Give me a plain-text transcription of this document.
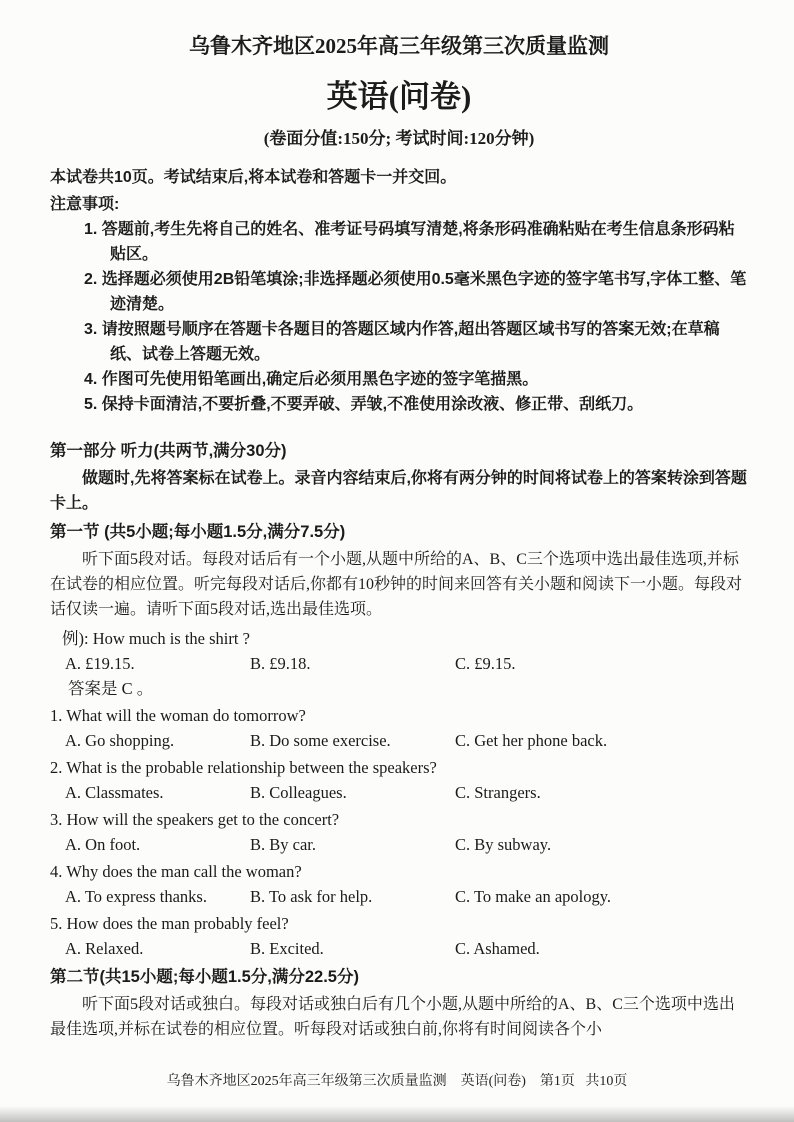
乌鲁木齐地区2025年高三年级第三次质量监测
英语(问卷)
(卷面分值:150分; 考试时间:120分钟)

本试卷共10页。考试结束后,将本试卷和答题卡一并交回。

注意事项:

1. 答题前,考生先将自己的姓名、准考证号码填写清楚,将条形码准确粘贴在考生信息条形码粘贴区。

2. 选择题必须使用2B铅笔填涂;非选择题必须使用0.5毫米黑色字迹的签字笔书写,字体工整、笔迹清楚。

3. 请按照题号顺序在答题卡各题目的答题区域内作答,超出答题区域书写的答案无效;在草稿纸、试卷上答题无效。

4. 作图可先使用铅笔画出,确定后必须用黑色字迹的签字笔描黑。

5. 保持卡面清洁,不要折叠,不要弄破、弄皱,不准使用涂改液、修正带、刮纸刀。

第一部分 听力(共两节,满分30分)

做题时,先将答案标在试卷上。录音内容结束后,你将有两分钟的时间将试卷上的答案转涂到答题卡上。

第一节 (共5小题;每小题1.5分,满分7.5分)

听下面5段对话。每段对话后有一个小题,从题中所给的A、B、C三个选项中选出最佳选项,并标在试卷的相应位置。听完每段对话后,你都有10秒钟的时间来回答有关小题和阅读下一小题。每段对话仅读一遍。请听下面5段对话,选出最佳选项。

例): How much is the shirt ?

A. £19.15.	B. £9.18.	C. £9.15.

答案是 C 。

1. What will the woman do tomorrow?

A. Go shopping.	B. Do some exercise.	C. Get her phone back.

2. What is the probable relationship between the speakers?

A. Classmates.	B. Colleagues.	C. Strangers.

3. How will the speakers get to the concert?

A. On foot.	B. By car.	C. By subway.

4. Why does the man call the woman?

A. To express thanks.	B. To ask for help.	C. To make an apology.

5. How does the man probably feel?

A. Relaxed.	B. Excited.	C. Ashamed.

第二节(共15小题;每小题1.5分,满分22.5分)

听下面5段对话或独白。每段对话或独白后有几个小题,从题中所给的A、B、C三个选项中选出最佳选项,并标在试卷的相应位置。听每段对话或独白前,你将有时间阅读各个小

乌鲁木齐地区2025年高三年级第三次质量监测    英语(问卷)    第1页   共10页
